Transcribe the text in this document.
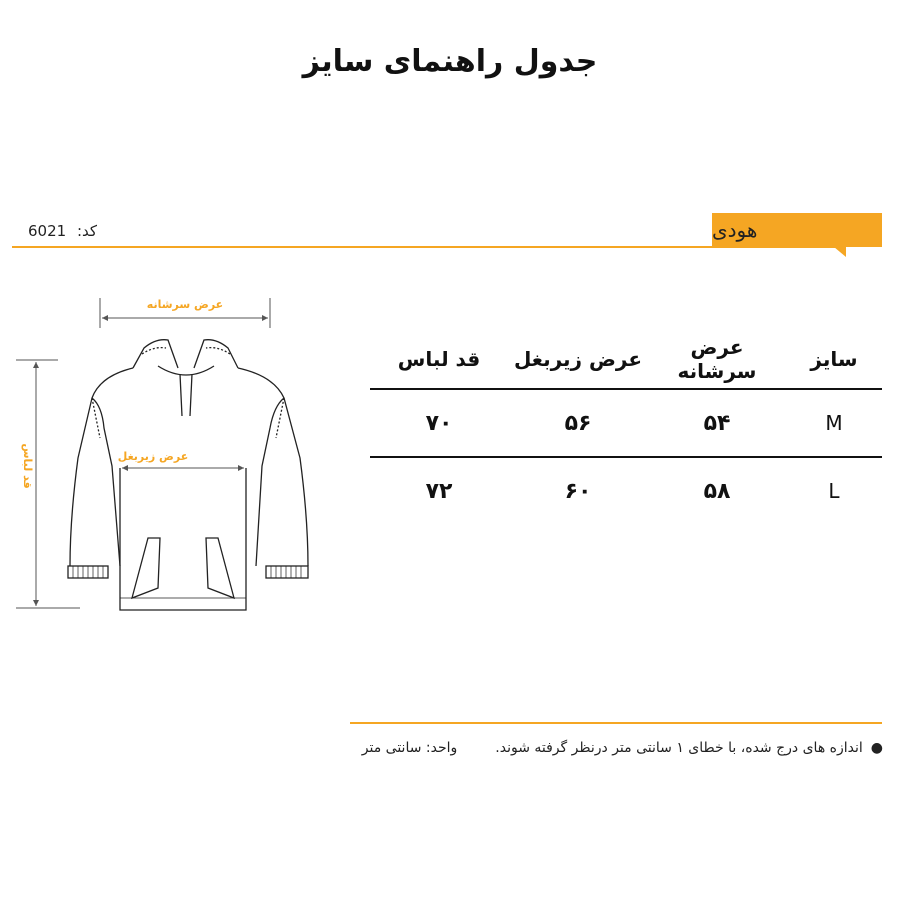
جدول راهنمای سایز
کد: 6021	هودی
عرض سرشانه
قد لباس	عرض زیربغل
سایز	عرض سرشانه	عرض زیربغل	قد لباس
M	۵۴	۵۶	۷۰
L	۵۸	۶۰	۷۲
●
اندازه های درج شده، با خطای ۱ سانتی متر درنظر گرفته شوند.
واحد: سانتی متر
